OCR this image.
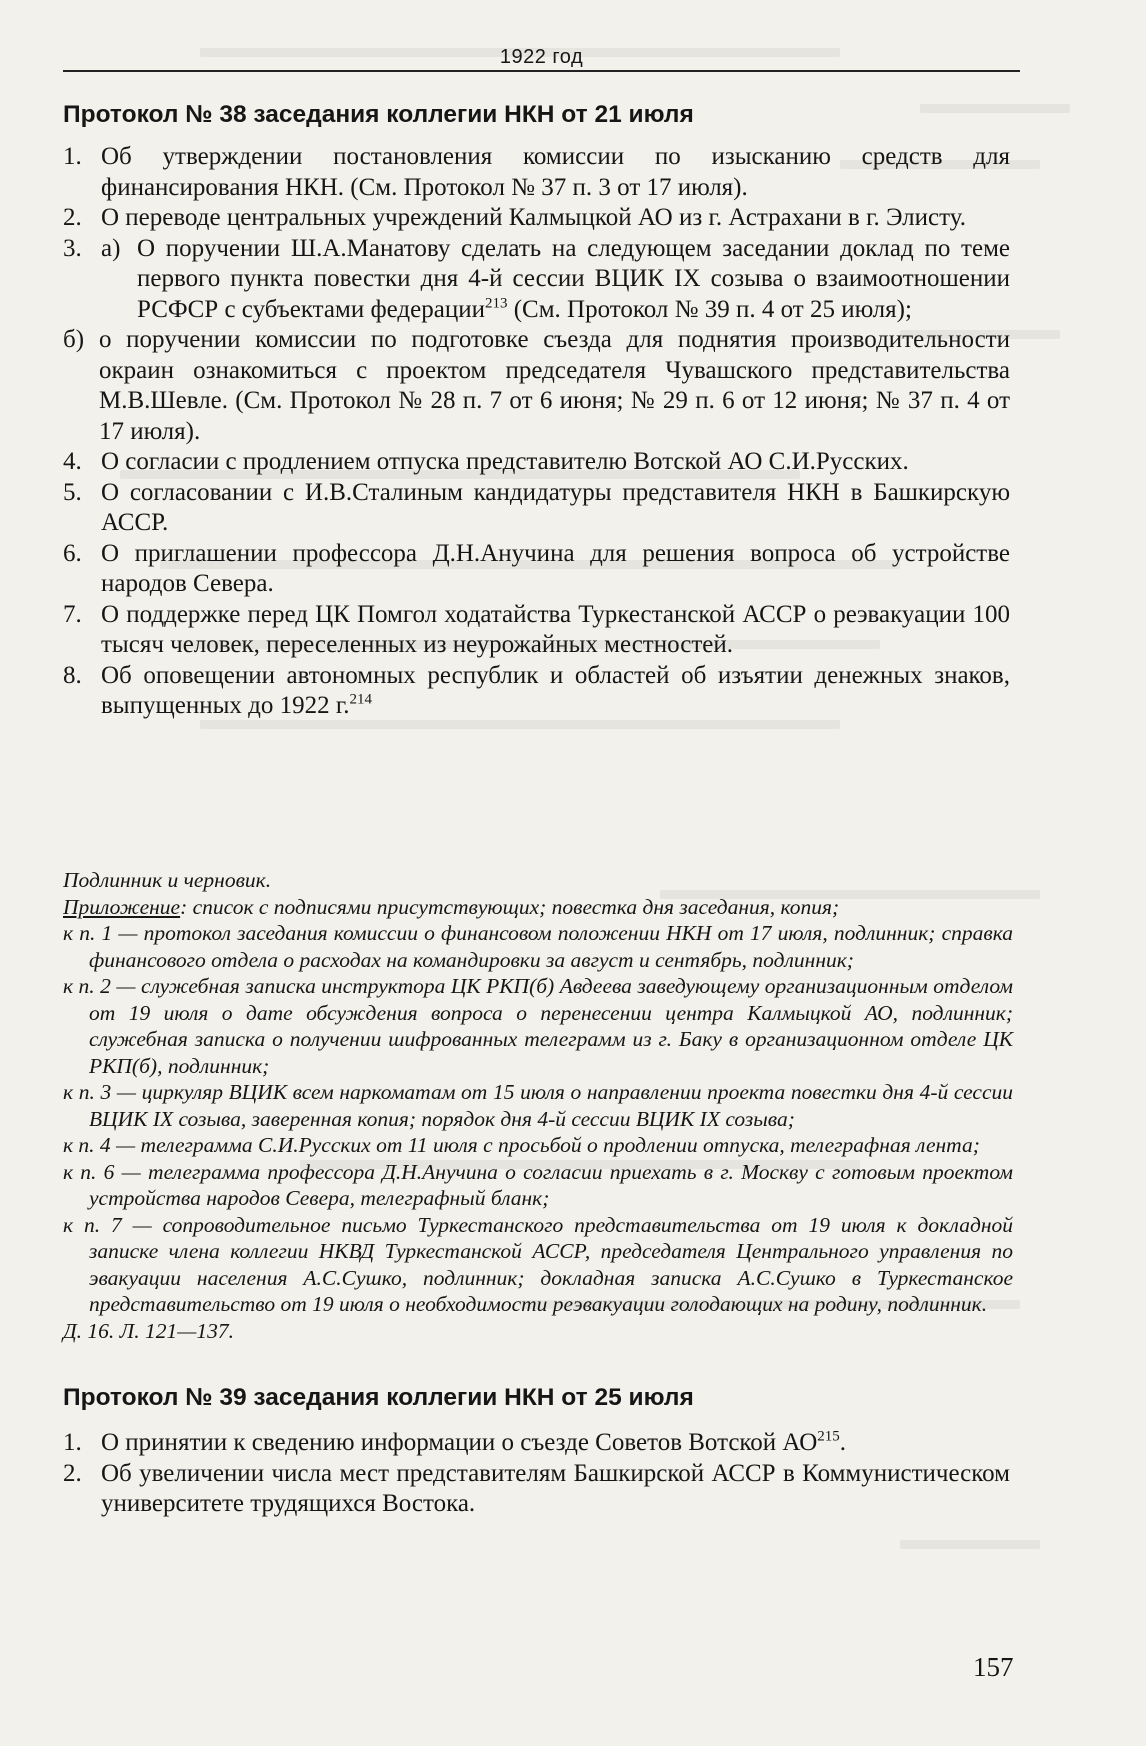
1922 год
Протокол № 38 заседания коллегии НКН от 21 июля
1. Об утверждении постановления комиссии по изысканию средств для финансирования НКН. (См. Протокол № 37 п. 3 от 17 июля).
2. О переводе центральных учреждений Калмыцкой АО из г. Астрахани в г. Элисту.
3. а) О поручении Ш.А.Манатову сделать на следующем заседании доклад по теме первого пункта повестки дня 4-й сессии ВЦИК IX созыва о взаимоотношении РСФСР с субъектами федерации$^{213}$ (См. Протокол № 39 п. 4 от 25 июля);
б) о поручении комиссии по подготовке съезда для поднятия производительности окраин ознакомиться с проектом председателя Чувашского представительства М.В.Шевле. (См. Протокол № 28 п. 7 от 6 июня; № 29 п. 6 от 12 июня; № 37 п. 4 от 17 июля).
4. О согласии с продлением отпуска представителю Вотской АО С.И.Русских.
5. О согласовании с И.В.Сталиным кандидатуры представителя НКН в Башкирскую АССР.
6. О приглашении профессора Д.Н.Анучина для решения вопроса об устройстве народов Севера.
7. О поддержке перед ЦК Помгол ходатайства Туркестанской АССР о реэвакуации 100 тысяч человек, переселенных из неурожайных местностей.
8. Об оповещении автономных республик и областей об изъятии денежных знаков, выпущенных до 1922 г.$^{214}$

Подлинник и черновик.

Приложение: список с подписями присутствующих; повестка дня заседания, копия;

к п. 1 — протокол заседания комиссии о финансовом положении НКН от 17 июля, подлинник; справка финансового отдела о расходах на командировки за август и сентябрь, подлинник;

к п. 2 — служебная записка инструктора ЦК РКП(б) Авдеева заведующему организационным отделом от 19 июля о дате обсуждения вопроса о перенесении центра Калмыцкой АО, подлинник; служебная записка о получении шифрованных телеграмм из г. Баку в организационном отделе ЦК РКП(б), подлинник;

к п. 3 — циркуляр ВЦИК всем наркоматам от 15 июля о направлении проекта повестки дня 4-й сессии ВЦИК IX созыва, заверенная копия; порядок дня 4-й сессии ВЦИК IX созыва;

к п. 4 — телеграмма С.И.Русских от 11 июля с просьбой о продлении отпуска, телеграфная лента;

к п. 6 — телеграмма профессора Д.Н.Анучина о согласии приехать в г. Москву с готовым проектом устройства народов Севера, телеграфный бланк;

к п. 7 — сопроводительное письмо Туркестанского представительства от 19 июля к докладной записке члена коллегии НКВД Туркестанской АССР, председателя Центрального управления по эвакуации населения А.С.Сушко, подлинник; докладная записка А.С.Сушко в Туркестанское представительство от 19 июля о необходимости реэвакуации голодающих на родину, подлинник.

Д. 16. Л. 121—137.

Протокол № 39 заседания коллегии НКН от 25 июля
1. О принятии к сведению информации о съезде Советов Вотской АО$^{215}$.
2. Об увеличении числа мест представителям Башкирской АССР в Коммунистическом университете трудящихся Востока.
157
